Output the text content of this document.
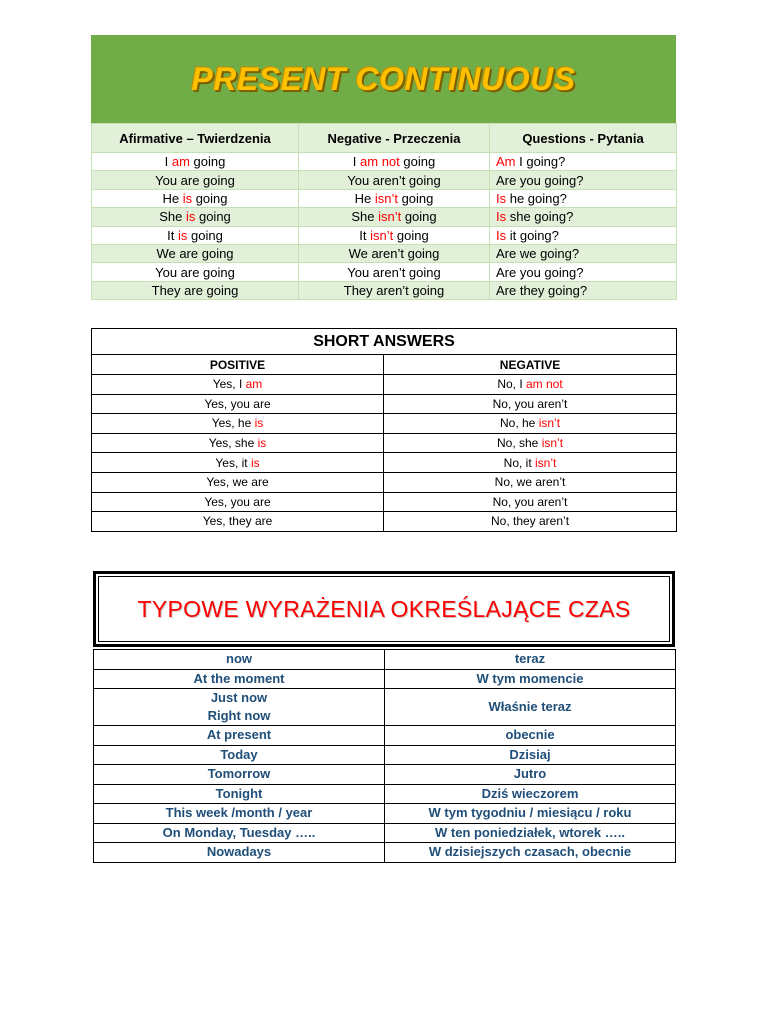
PRESENT CONTINUOUS
Afirmative – Twierdzenia	Negative - Przeczenia	Questions - Pytania
I am going	I am not going	Am I going?
You are going	You aren’t going	Are you going?
He is going	He isn’t going	Is he going?
She is going	She isn’t going	Is she going?
It is going	It isn’t going	Is it going?
We are going	We aren’t going	Are we going?
You are going	You aren’t going	Are you going?
They are going	They aren’t going	Are they going?
SHORT ANSWERS	
POSITIVE	NEGATIVE
Yes, I am	No, I am not
Yes, you are	No, you aren’t
Yes, he is	No, he isn’t
Yes, she is	No, she isn’t
Yes, it is	No, it isn’t
Yes, we are	No, we aren’t
Yes, you are	No, you aren’t
Yes, they are	No, they aren’t
TYPOWE WYRAŻENIA OKREŚLAJĄCE CZAS
now	teraz
At the moment	W tym momencie
Just now
Right now	Właśnie teraz
At present	obecnie
Today	Dzisiaj
Tomorrow	Jutro
Tonight	Dziś wieczorem
This week /month / year	W tym tygodniu / miesiącu / roku
On Monday, Tuesday …..	W ten poniedziałek, wtorek …..
Nowadays	W dzisiejszych czasach, obecnie
